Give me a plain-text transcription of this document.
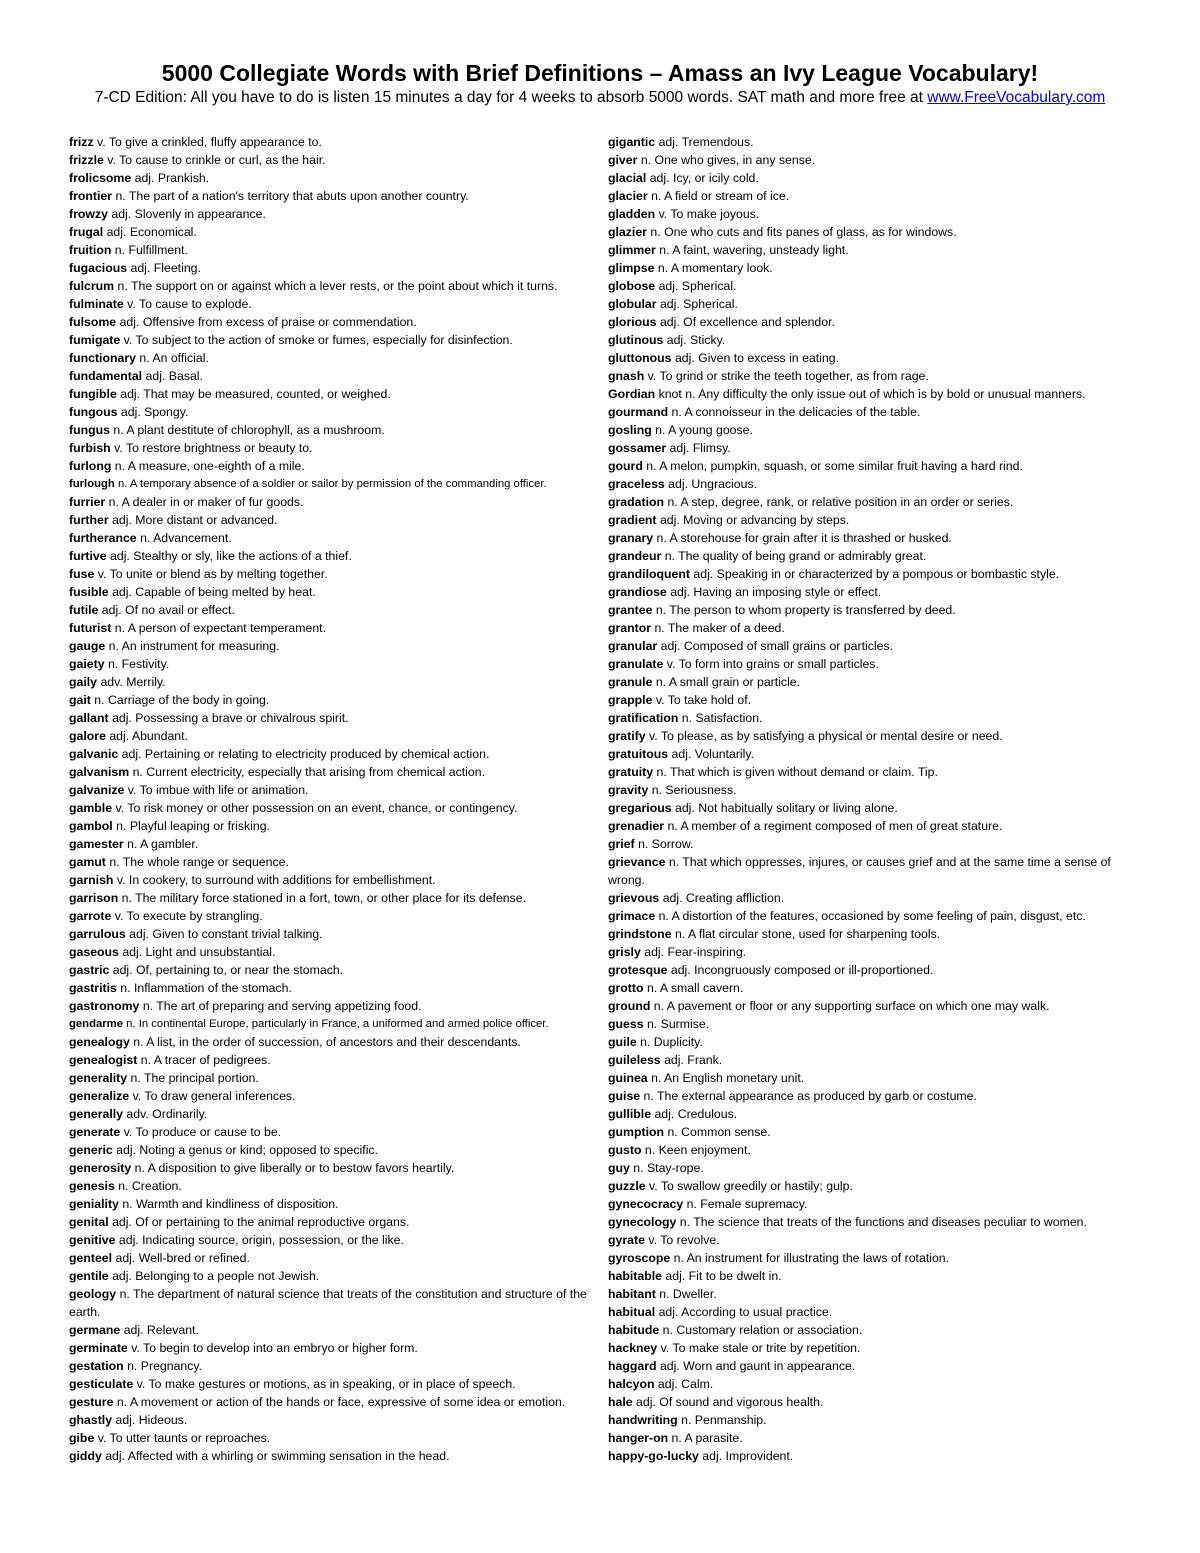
5000 Collegiate Words with Brief Definitions – Amass an Ivy League Vocabulary!
7-CD Edition: All you have to do is listen 15 minutes a day for 4 weeks to absorb 5000 words. SAT math and more free at www.FreeVocabulary.com

frizz v. To give a crinkled, fluffy appearance to.

frizzle v. To cause to crinkle or curl, as the hair.

frolicsome adj. Prankish.

frontier n. The part of a nation's territory that abuts upon another country.

frowzy adj. Slovenly in appearance.

frugal adj. Economical.

fruition n. Fulfillment.

fugacious adj. Fleeting.

fulcrum n. The support on or against which a lever rests, or the point about which it turns.

fulminate v. To cause to explode.

fulsome adj. Offensive from excess of praise or commendation.

fumigate v. To subject to the action of smoke or fumes, especially for disinfection.

functionary n. An official.

fundamental adj. Basal.

fungible adj. That may be measured, counted, or weighed.

fungous adj. Spongy.

fungus n. A plant destitute of chlorophyll, as a mushroom.

furbish v. To restore brightness or beauty to.

furlong n. A measure, one-eighth of a mile.

furlough n. A temporary absence of a soldier or sailor by permission of the commanding officer.

furrier n. A dealer in or maker of fur goods.

further adj. More distant or advanced.

furtherance n. Advancement.

furtive adj. Stealthy or sly, like the actions of a thief.

fuse v. To unite or blend as by melting together.

fusible adj. Capable of being melted by heat.

futile adj. Of no avail or effect.

futurist n. A person of expectant temperament.

gauge n. An instrument for measuring.

gaiety n. Festivity.

gaily adv. Merrily.

gait n. Carriage of the body in going.

gallant adj. Possessing a brave or chivalrous spirit.

galore adj. Abundant.

galvanic adj. Pertaining or relating to electricity produced by chemical action.

galvanism n. Current electricity, especially that arising from chemical action.

galvanize v. To imbue with life or animation.

gamble v. To risk money or other possession on an event, chance, or contingency.

gambol n. Playful leaping or frisking.

gamester n. A gambler.

gamut n. The whole range or sequence.

garnish v. In cookery, to surround with additions for embellishment.

garrison n. The military force stationed in a fort, town, or other place for its defense.

garrote v. To execute by strangling.

garrulous adj. Given to constant trivial talking.

gaseous adj. Light and unsubstantial.

gastric adj. Of, pertaining to, or near the stomach.

gastritis n. Inflammation of the stomach.

gastronomy n. The art of preparing and serving appetizing food.

gendarme n. In continental Europe, particularly in France, a uniformed and armed police officer.

genealogy n. A list, in the order of succession, of ancestors and their descendants.

genealogist n. A tracer of pedigrees.

generality n. The principal portion.

generalize v. To draw general inferences.

generally adv. Ordinarily.

generate v. To produce or cause to be.

generic adj. Noting a genus or kind; opposed to specific.

generosity n. A disposition to give liberally or to bestow favors heartily.

genesis n. Creation.

geniality n. Warmth and kindliness of disposition.

genital adj. Of or pertaining to the animal reproductive organs.

genitive adj. Indicating source, origin, possession, or the like.

genteel adj. Well-bred or refined.

gentile adj. Belonging to a people not Jewish.

geology n. The department of natural science that treats of the constitution and structure of the earth.

germane adj. Relevant.

germinate v. To begin to develop into an embryo or higher form.

gestation n. Pregnancy.

gesticulate v. To make gestures or motions, as in speaking, or in place of speech.

gesture n. A movement or action of the hands or face, expressive of some idea or emotion.

ghastly adj. Hideous.

gibe v. To utter taunts or reproaches.

giddy adj. Affected with a whirling or swimming sensation in the head.

gigantic adj. Tremendous.

giver n. One who gives, in any sense.

glacial adj. Icy, or icily cold.

glacier n. A field or stream of ice.

gladden v. To make joyous.

glazier n. One who cuts and fits panes of glass, as for windows.

glimmer n. A faint, wavering, unsteady light.

glimpse n. A momentary look.

globose adj. Spherical.

globular adj. Spherical.

glorious adj. Of excellence and splendor.

glutinous adj. Sticky.

gluttonous adj. Given to excess in eating.

gnash v. To grind or strike the teeth together, as from rage.

Gordian knot n. Any difficulty the only issue out of which is by bold or unusual manners.

gourmand n. A connoisseur in the delicacies of the table.

gosling n. A young goose.

gossamer adj. Flimsy.

gourd n. A melon, pumpkin, squash, or some similar fruit having a hard rind.

graceless adj. Ungracious.

gradation n. A step, degree, rank, or relative position in an order or series.

gradient adj. Moving or advancing by steps.

granary n. A storehouse for grain after it is thrashed or husked.

grandeur n. The quality of being grand or admirably great.

grandiloquent adj. Speaking in or characterized by a pompous or bombastic style.

grandiose adj. Having an imposing style or effect.

grantee n. The person to whom property is transferred by deed.

grantor n. The maker of a deed.

granular adj. Composed of small grains or particles.

granulate v. To form into grains or small particles.

granule n. A small grain or particle.

grapple v. To take hold of.

gratification n. Satisfaction.

gratify v. To please, as by satisfying a physical or mental desire or need.

gratuitous adj. Voluntarily.

gratuity n. That which is given without demand or claim. Tip.

gravity n. Seriousness.

gregarious adj. Not habitually solitary or living alone.

grenadier n. A member of a regiment composed of men of great stature.

grief n. Sorrow.

grievance n. That which oppresses, injures, or causes grief and at the same time a sense of wrong.

grievous adj. Creating affliction.

grimace n. A distortion of the features, occasioned by some feeling of pain, disgust, etc.

grindstone n. A flat circular stone, used for sharpening tools.

grisly adj. Fear-inspiring.

grotesque adj. Incongruously composed or ill-proportioned.

grotto n. A small cavern.

ground n. A pavement or floor or any supporting surface on which one may walk.

guess n. Surmise.

guile n. Duplicity.

guileless adj. Frank.

guinea n. An English monetary unit.

guise n. The external appearance as produced by garb or costume.

gullible adj. Credulous.

gumption n. Common sense.

gusto n. Keen enjoyment.

guy n. Stay-rope.

guzzle v. To swallow greedily or hastily; gulp.

gynecocracy n. Female supremacy.

gynecology n. The science that treats of the functions and diseases peculiar to women.

gyrate v. To revolve.

gyroscope n. An instrument for illustrating the laws of rotation.

habitable adj. Fit to be dwelt in.

habitant n. Dweller.

habitual adj. According to usual practice.

habitude n. Customary relation or association.

hackney v. To make stale or trite by repetition.

haggard adj. Worn and gaunt in appearance.

halcyon adj. Calm.

hale adj. Of sound and vigorous health.

handwriting n. Penmanship.

hanger-on n. A parasite.

happy-go-lucky adj. Improvident.
